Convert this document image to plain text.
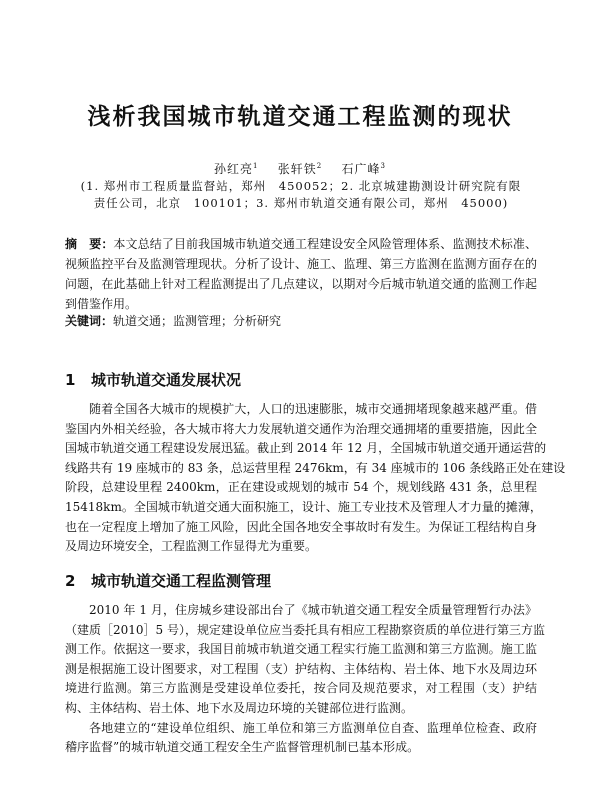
浅析我国城市轨道交通工程监测的现状
孙红亮$^1$ 张轩铁$^2$ 石广峰$^3$
(1. 郑州市工程质量监督站，郑州　450052；2. 北京城建勘测设计研究院有限
责任公司，北京　100101；3. 郑州市轨道交通有限公司，郑州　45000)
摘　要：本文总结了目前我国城市轨道交通工程建设安全风险管理体系、监测技术标准、
视频监控平台及监测管理现状。分析了设计、施工、监理、第三方监测在监测方面存在的
问题，在此基础上针对工程监测提出了几点建议，以期对今后城市轨道交通的监测工作起
到借鉴作用。
关键词：轨道交通；监测管理；分析研究
1 城市轨道交通发展状况
随着全国各大城市的规模扩大，人口的迅速膨胀，城市交通拥堵现象越来越严重。借
鉴国内外相关经验，各大城市将大力发展轨道交通作为治理交通拥堵的重要措施，因此全
国城市轨道交通工程建设发展迅猛。截止到 2014 年 12 月，全国城市轨道交通开通运营的
线路共有 19 座城市的 83 条，总运营里程 2476km，有 34 座城市的 106 条线路正处在建设
阶段，总建设里程 2400km，正在建设或规划的城市 54 个，规划线路 431 条，总里程
15418km。全国城市轨道交通大面积施工，设计、施工专业技术及管理人才力量的摊薄，
也在一定程度上增加了施工风险，因此全国各地安全事故时有发生。为保证工程结构自身
及周边环境安全，工程监测工作显得尤为重要。
2 城市轨道交通工程监测管理
2010 年 1 月，住房城乡建设部出台了《城市轨道交通工程安全质量管理暂行办法》
（建质［2010］5 号），规定建设单位应当委托具有相应工程勘察资质的单位进行第三方监
测工作。依据这一要求，我国目前城市轨道交通工程实行施工监测和第三方监测。施工监
测是根据施工设计图要求，对工程围（支）护结构、主体结构、岩土体、地下水及周边环
境进行监测。第三方监测是受建设单位委托，按合同及规范要求，对工程围（支）护结
构、主体结构、岩土体、地下水及周边环境的关键部位进行监测。
各地建立的“建设单位组织、施工单位和第三方监测单位自查、监理单位检查、政府
稽序监督”的城市轨道交通工程安全生产监督管理机制已基本形成。
